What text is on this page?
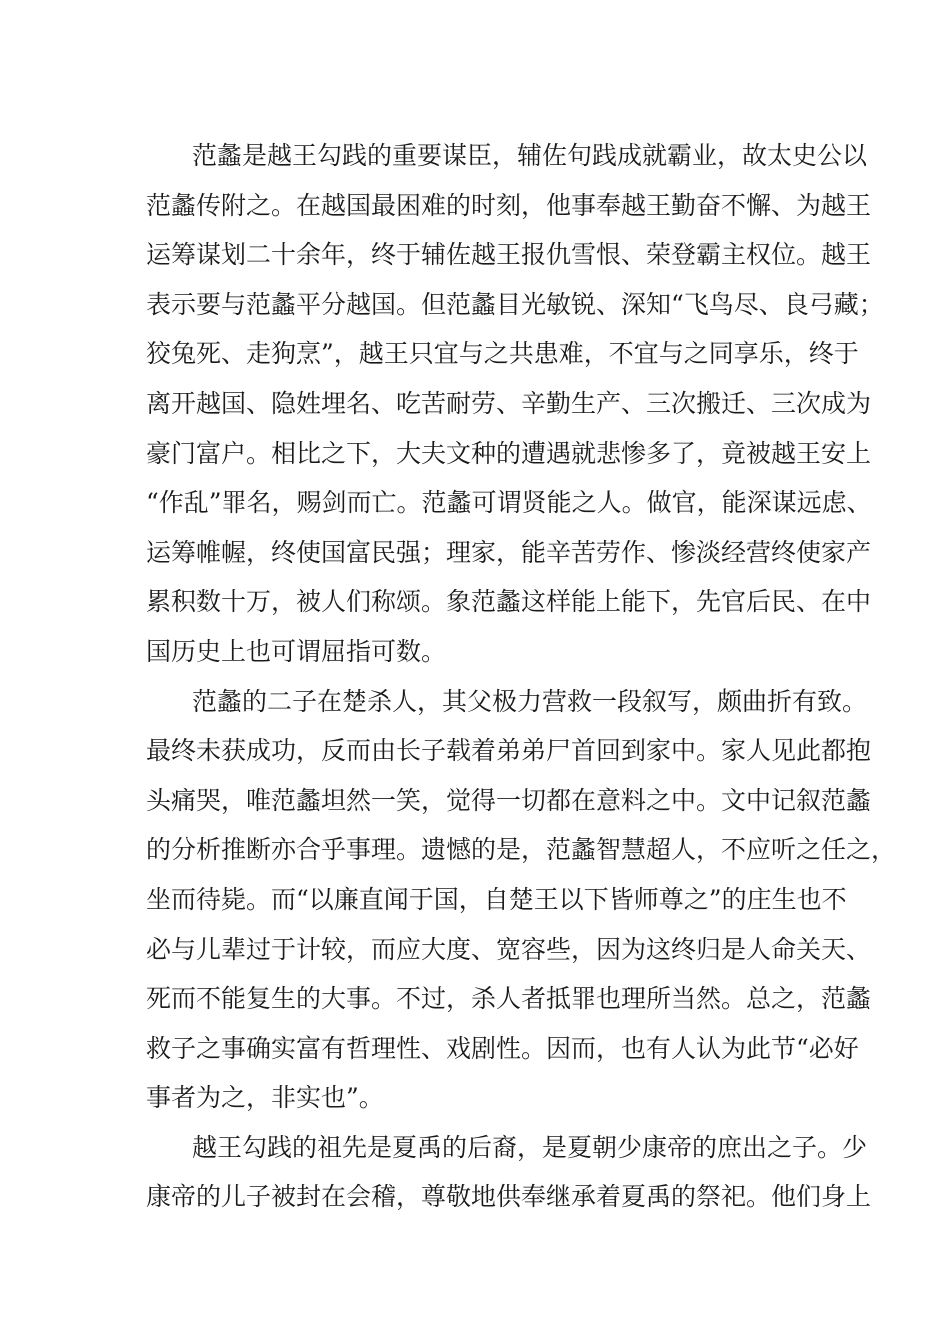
范蠡是越王勾践的重要谋臣，辅佐句践成就霸业，故太史公以
范蠡传附之。在越国最困难的时刻，他事奉越王勤奋不懈、为越王
运筹谋划二十余年，终于辅佐越王报仇雪恨、荣登霸主权位。越王
表示要与范蠡平分越国。但范蠡目光敏锐、深知“飞鸟尽、良弓藏；
狡兔死、走狗烹”，越王只宜与之共患难，不宜与之同享乐，终于
离开越国、隐姓埋名、吃苦耐劳、辛勤生产、三次搬迁、三次成为
豪门富户。相比之下，大夫文种的遭遇就悲惨多了，竟被越王安上
“作乱”罪名，赐剑而亡。范蠡可谓贤能之人。做官，能深谋远虑、
运筹帷幄，终使国富民强；理家，能辛苦劳作、惨淡经营终使家产
累积数十万，被人们称颂。象范蠡这样能上能下，先官后民、在中
国历史上也可谓屈指可数。
范蠡的二子在楚杀人，其父极力营救一段叙写，颇曲折有致。
最终未获成功，反而由长子载着弟弟尸首回到家中。家人见此都抱
头痛哭，唯范蠡坦然一笑，觉得一切都在意料之中。文中记叙范蠡
的分析推断亦合乎事理。遗憾的是，范蠡智慧超人，不应听之任之，
坐而待毙。而“以廉直闻于国，自楚王以下皆师尊之”的庄生也不
必与儿辈过于计较，而应大度、宽容些，因为这终归是人命关天、
死而不能复生的大事。不过，杀人者抵罪也理所当然。总之，范蠡
救子之事确实富有哲理性、戏剧性。因而，也有人认为此节“必好
事者为之，非实也”。
越王勾践的祖先是夏禹的后裔，是夏朝少康帝的庶出之子。少
康帝的儿子被封在会稽，尊敬地供奉继承着夏禹的祭祀。他们身上
